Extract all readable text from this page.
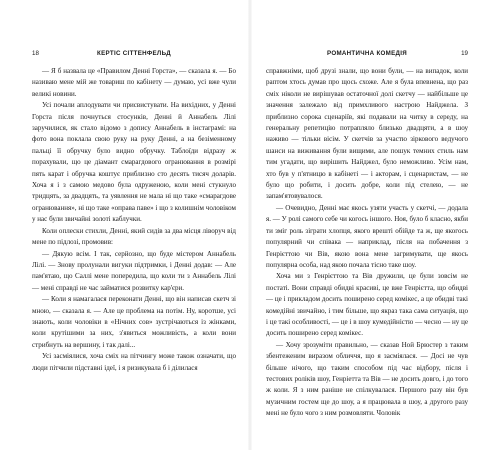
18	КЕРТІС СІТТЕНФЕЛЬД

— Я б назвала це «Правилом Денні Горста», — сказала я. — Бо називаю мене мій же товариш по кабінету — думаю, усі вже чули великі новини.

Усі почали аплодувати чи присвистувати. На вихідних, у Денні Горста після почнуться стосунків, Денні й Аннабель Лілі заручилися, як стало відомо з допису Аннабель в інстаграмі: на фото вона поклала свою руку на руку Денні, а на безіменному пальці її обручку було видно обручку. Таблоїди відразу ж порахували, що це діамант смарагдового огранювання в розмірі пять карат і обручка коштує приблизно сто десять тисяч доларів. Хоча я і з самою медово була одруженою, коли мені стукнуло тридцять, за двадцять, та уявлення не мала ні що таке «смарагдове огранювання», ні що таке «оправа паве» і що з колишнім чоловіком у нас були звичайні золоті каблучки.

Коли оплески стихли, Денні, який сидів за два місця ліворуч від мене по підлозі, промовив:

— Дякую всім. І так, серйозно, що буде містером Аннабель Лілі. — Знову пролунали вигуки підтримки, і Денні додав: — Але пам'ятаю, що Саллі мене попередила, що коли ти з Аннабель Лілі — мені справді не час займатися розвитку кар'єри.

— Коли я намагалася переконати Денні, що він написав скетч зі мною, — сказала я. — Але це проблема на потім. Ну, коротше, усі знають, коли чоловіки в «Нічних сов» зустрічаються із жінками, коли крутішими за них, з'явиться можливість, а коли вони стрибнуть на вершину, і так далі...

Усі засміялися, хоча сміх на пітчингу може також означати, що люди пітчили підставні ідеї, і я ризикувала б і ділилася

РОМАНТИЧНА КОМЕДІЯ	19

справжніми, щоб друзі знали, що вони були, — на випадок, коли раптом хтось думав про щось схоже. Але я була впевнена, що раз сміх ніколи не вирішував остаточної долі скетчу — найбільше це значення залежало від примхливого настрою Найджела. З приблизно сорока сценаріїв, які подавали на читку в середу, на генеральну репетицію потрапляло близько двадцяти, а в шоу наживо — тільки вісім. У скетчів за участю зіркового ведучого шанси на виживання були вищими, але пошук темних стиль нам тим угадати, що вирішить Найджел, було неможливо. Усім нам, хто був у п'ятницю в кабінеті — і акторам, і сценаристам, — не було що робити, і досить добре, коли під стелею, — не запам'ятовувалося.

— Очевидно, Денні має якось узяти участь у скетчі, — додала я. — У ролі самого себе чи когось іншого. Ноя, було б класно, якби ти зміг роль зіграти хлопця, якого врешті обійде та ж, ще якогось популярний чи співака — наприклад, після на побачення з Генрієттою чи Вів, якою вона мене загримувати, ще якось популярна особа, над якою почала тісно таке шоу.

Хоча ми з Генрієттою та Вів дружили, це були зовсім не постаті. Вони справді обидві красиві, це вже Генрієтта, що обидві — це і прикладом досить поширено серед комікес, а це обидві такі комедійні звичайно, і тим більше, що якраз така сама ситуація, що і це такі особливості, — це і в шоу кумедійністю — чесно — ну це досить поширено серед комікес.

— Хочу зрозуміти правильно, — сказав Ной Брюстер з таким збентеженим виразом обличчя, що я засміялася. — Досі не чув більше нічого, що таким способом під час відбору, після і тестових роліків шоу, Генріетта та Вів — не досить довго, і до того ж коли. Я з ним раніше не спілкувалася. Першого разу він був музичним гостем ще до шоу, а я працювала в шоу, а другого разу мені не було чого з ним розмовляти. Чоловік
